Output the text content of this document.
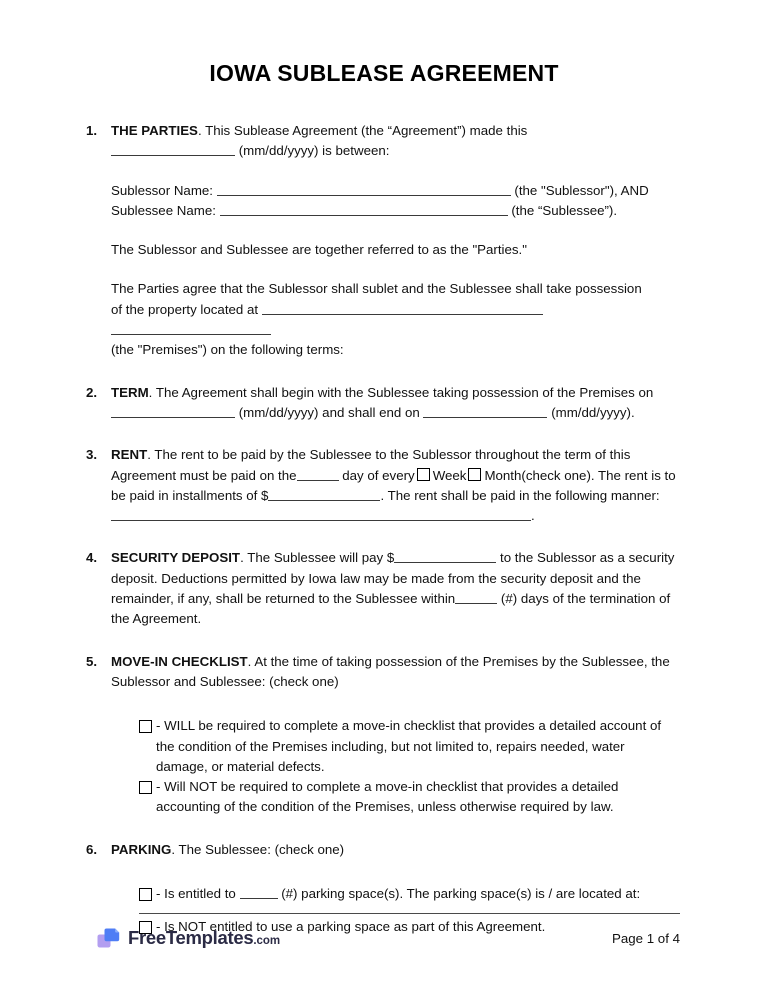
IOWA SUBLEASE AGREEMENT
1.	THE PARTIES. This Sublease Agreement (the “Agreement”) made this
(mm/dd/yyyy) is between:
Sublessor Name:	(the "Sublessor"), AND
Sublessee Name:	(the “Sublessee”).
The Sublessor and Sublessee are together referred to as the "Parties."
The Parties agree that the Sublessor shall sublet and the Sublessee shall take possession
of the property located at
(the "Premises") on the following terms:
2.	TERM. The Agreement shall begin with the Sublessee taking possession of the Premises on
(mm/dd/yyyy) and shall end on	(mm/dd/yyyy).
3.	RENT. The rent to be paid by the Sublessee to the Sublessor throughout the term of this Agreement must be paid on the	day of every Week Month(check one). The rent is to be paid in installments of $	. The rent shall be paid in the following manner: .
4.	SECURITY DEPOSIT. The Sublessee will pay $	to the Sublessor as a security deposit. Deductions permitted by Iowa law may be made from the security deposit and the remainder, if any, shall be returned to the Sublessee within	(#) days of the termination of the Agreement.
5.	MOVE-IN CHECKLIST. At the time of taking possession of the Premises by the Sublessee, the Sublessor and Sublessee: (check one)
- WILL be required to complete a move-in checklist that provides a detailed account of the condition of the Premises including, but not limited to, repairs needed, water damage, or material defects.
- Will NOT be required to complete a move-in checklist that provides a detailed accounting of the condition of the Premises, unless otherwise required by law.
6.	PARKING. The Sublessee: (check one)
- Is entitled to	(#) parking space(s). The parking space(s) is / are located at:
- Is NOT entitled to use a parking space as part of this Agreement.
FreeTemplates.com	Page 1 of 4
